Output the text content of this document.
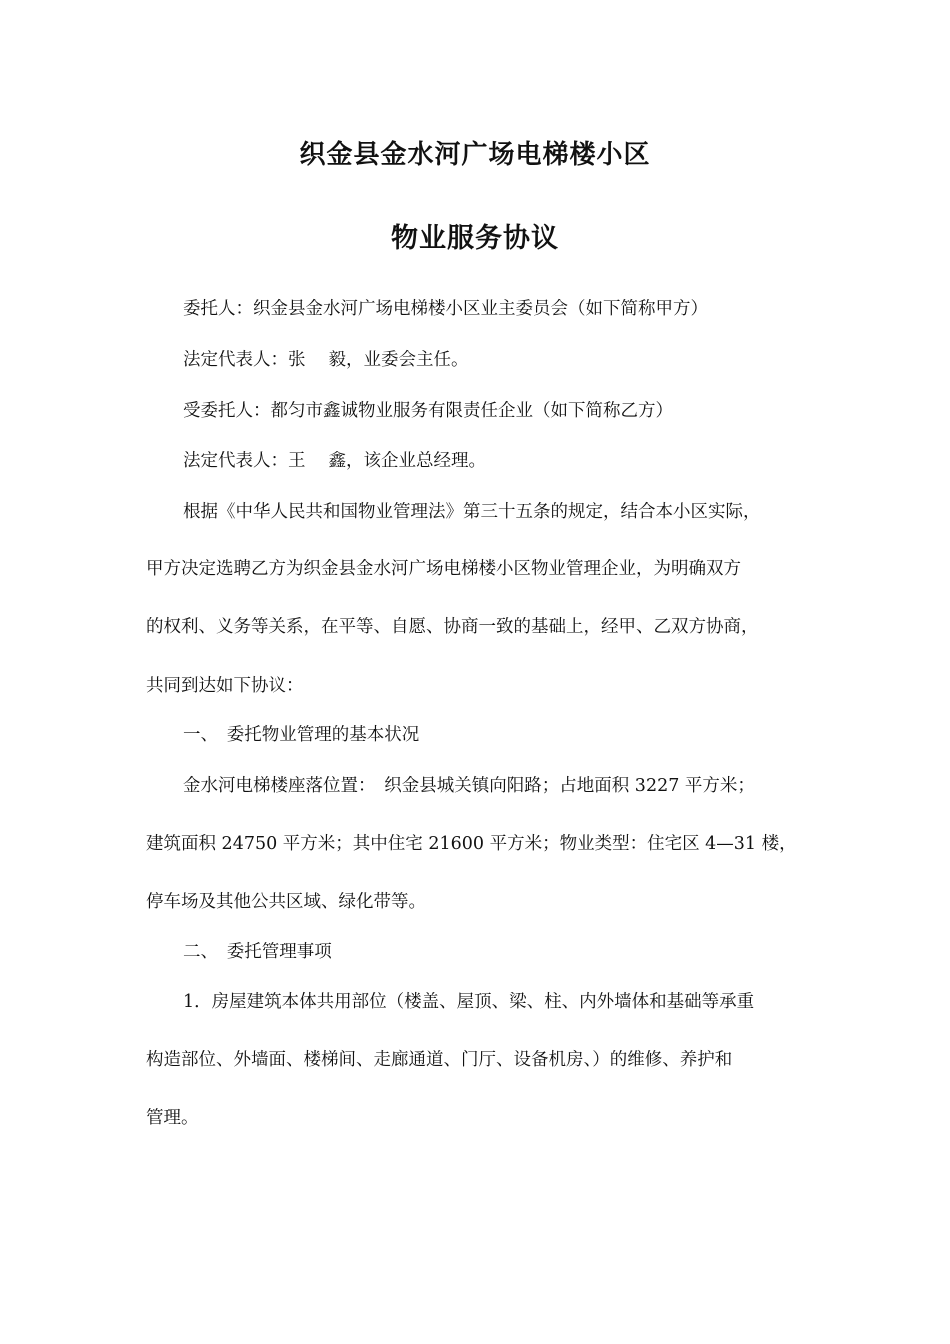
织金县金水河广场电梯楼小区
物业服务协议
委托人：织金县金水河广场电梯楼小区业主委员会（如下简称甲方）
法定代表人：张　 毅，业委会主任。
受委托人：都匀市鑫诚物业服务有限责任企业（如下简称乙方）
法定代表人：王　 鑫，该企业总经理。
根据《中华人民共和国物业管理法》第三十五条的规定，结合本小区实际，
甲方决定选聘乙方为织金县金水河广场电梯楼小区物业管理企业，为明确双方
的权利、义务等关系，在平等、自愿、协商一致的基础上，经甲、乙双方协商，
共同到达如下协议：
一、　委托物业管理的基本状况
金水河电梯楼座落位置：　织金县城关镇向阳路；占地面积 3227 平方米；
建筑面积 24750 平方米；其中住宅 21600 平方米；物业类型：住宅区 4—31 楼，
停车场及其他公共区域、绿化带等。
二、　委托管理事项
1．房屋建筑本体共用部位（楼盖、屋顶、梁、柱、内外墙体和基础等承重
构造部位、外墙面、楼梯间、走廊通道、门厅、设备机房、）的维修、养护和
管理。
